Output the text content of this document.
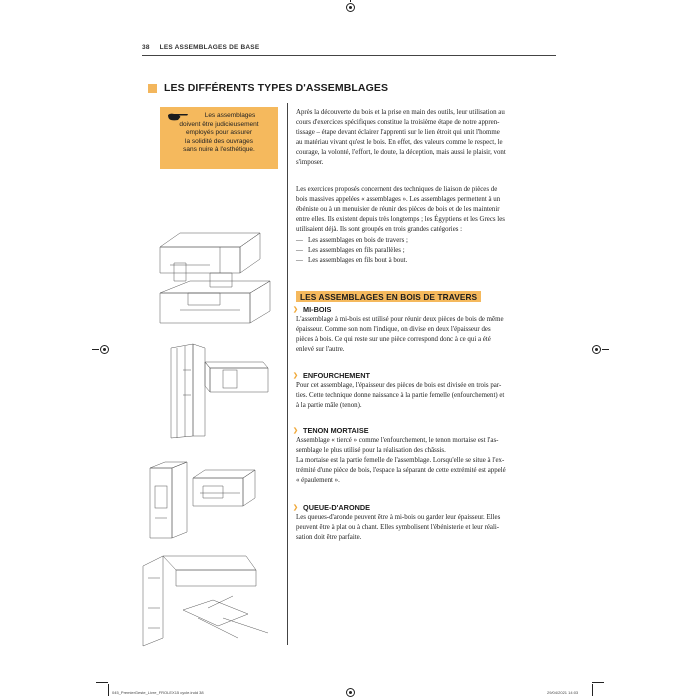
38 LES ASSEMBLAGES DE BASE
LES DIFFÉRENTS TYPES D'ASSEMBLAGES
Les assemblages
doivent être judicieusement
employés pour assurer
la solidité des ouvrages
sans nuire à l'esthétique.
Après la découverte du bois et la prise en main des outils, leur utilisation au
cours d'exercices spécifiques constitue la troisième étape de notre appren-
tissage – étape devant éclairer l'apprenti sur le lien étroit qui unit l'homme
au matériau vivant qu'est le bois. En effet, des valeurs comme le respect, le
courage, la volonté, l'effort, le doute, la déception, mais aussi le plaisir, vont
s'imposer.
Les exercices proposés concernent des techniques de liaison de pièces de
bois massives appelées « assemblages ». Les assemblages permettent à un
ébéniste ou à un menuisier de réunir des pièces de bois et de les maintenir
entre elles. Ils existent depuis très longtemps ; les Égyptiens et les Grecs les
utilisaient déjà. Ils sont groupés en trois grandes catégories :
— Les assemblages en bois de travers ;
— Les assemblages en fils parallèles ;
— Les assemblages en fils bout à bout.
LES ASSEMBLAGES EN BOIS DE TRAVERS
❯ MI-BOIS
L'assemblage à mi-bois est utilisé pour réunir deux pièces de bois de même
épaisseur. Comme son nom l'indique, on divise en deux l'épaisseur des
pièces à bois. Ce qui reste sur une pièce correspond donc à ce qui a été
enlevé sur l'autre.
❯ ENFOURCHEMENT
Pour cet assemblage, l'épaisseur des pièces de bois est divisée en trois par-
ties. Cette technique donne naissance à la partie femelle (enfourchement) et
à la partie mâle (tenon).
❯ TENON MORTAISE
Assemblage « tiercé » comme l'enfourchement, le tenon mortaise est l'as-
semblage le plus utilisé pour la réalisation des châssis.
La mortaise est la partie femelle de l'assemblage. Lorsqu'elle se situe à l'ex-
trémité d'une pièce de bois, l'espace la séparant de cette extrémité est appelé
« épaulement ».
❯ QUEUE-D'ARONDE
Les queues-d'aronde peuvent être à mi-bois ou garder leur épaisseur. Elles
peuvent être à plat ou à chant. Elles symbolisent l'ébénisterie et leur réali-
sation doit être parfaite.
045_PremierGeste_Livre_FROLEX15 cycle.indd 38	29/04/2021 14:03
